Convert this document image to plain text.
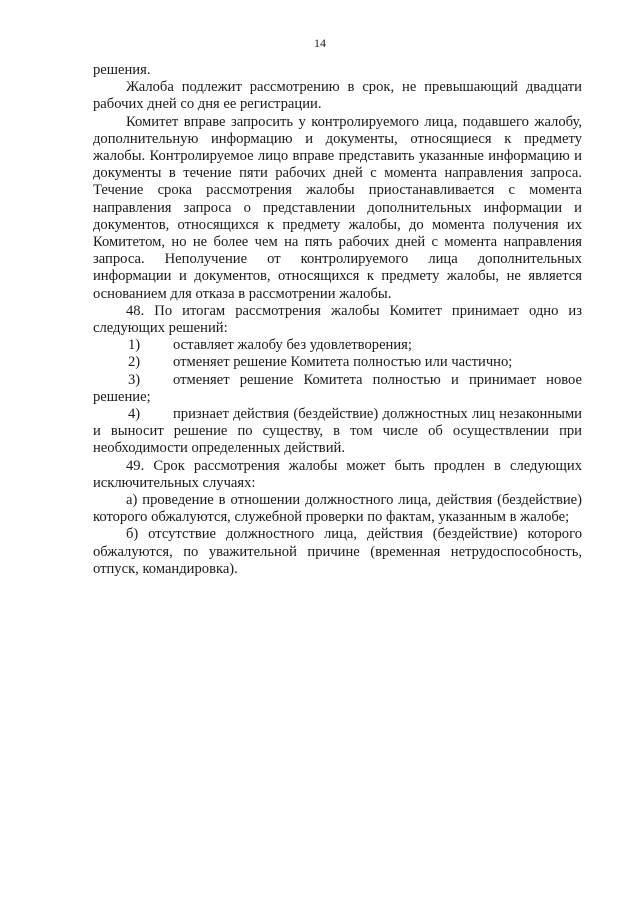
14

решения.

Жалоба подлежит рассмотрению в срок, не превышающий двадцати рабочих дней со дня ее регистрации.

Комитет вправе запросить у контролируемого лица, подавшего жалобу, дополнительную информацию и документы, относящиеся к предмету жалобы. Контролируемое лицо вправе представить указанные информацию и документы в течение пяти рабочих дней с момента направления запроса. Течение срока рассмотрения жалобы приостанавливается с момента направления запроса о представлении дополнительных информации и документов, относящихся к предмету жалобы, до момента получения их Комитетом, но не более чем на пять рабочих дней с момента направления запроса. Неполучение от контролируемого лица дополнительных информации и документов, относящихся к предмету жалобы, не является основанием для отказа в рассмотрении жалобы.

48. По итогам рассмотрения жалобы Комитет принимает одно из следующих решений:

1) оставляет жалобу без удовлетворения;

2) отменяет решение Комитета полностью или частично;

3) отменяет решение Комитета полностью и принимает новое решение;

4) признает действия (бездействие) должностных лиц незаконными и выносит решение по существу, в том числе об осуществлении при необходимости определенных действий.

49. Срок рассмотрения жалобы может быть продлен в следующих исключительных случаях:

а) проведение в отношении должностного лица, действия (бездействие) которого обжалуются, служебной проверки по фактам, указанным в жалобе;

б) отсутствие должностного лица, действия (бездействие) которого обжалуются, по уважительной причине (временная нетрудоспособность, отпуск, командировка).
